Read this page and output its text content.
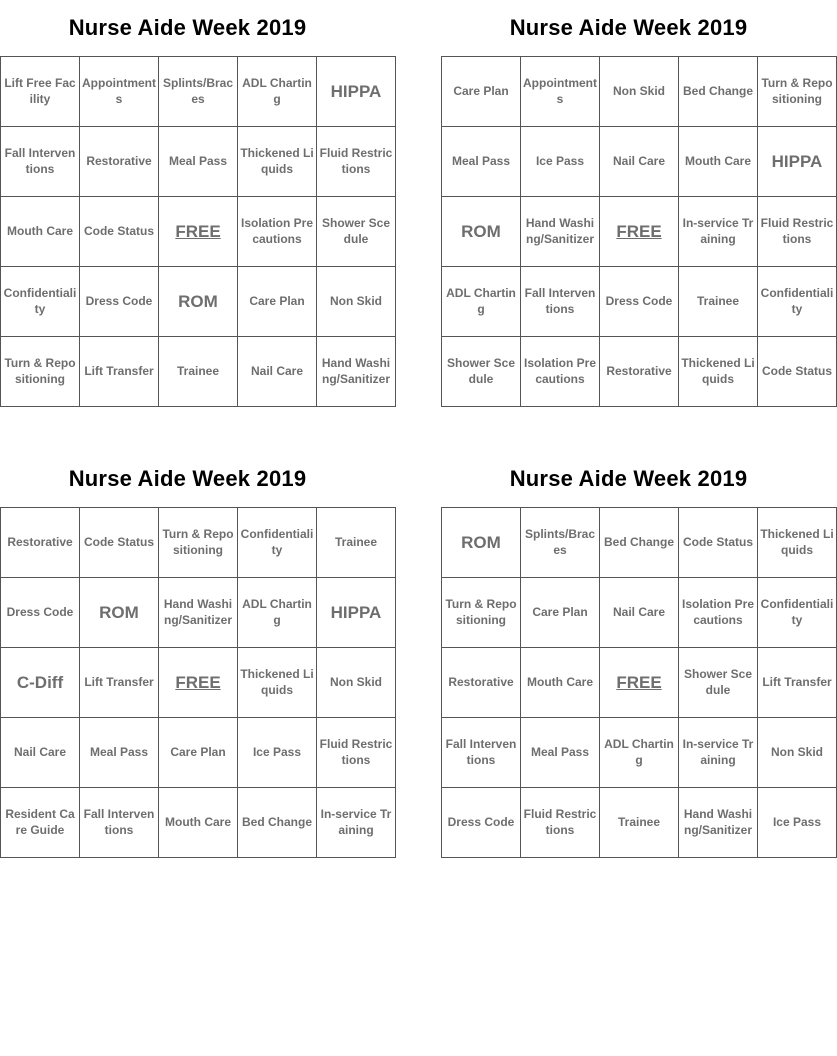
Nurse Aide Week 2019
Lift Free Facility	Appointments	Splints/Braces	ADL Charting	HIPPA
Fall Interventions	Restorative	Meal Pass	Thickened Liquids	Fluid Restrictions
Mouth Care	Code Status	FREE	Isolation Precautions	Shower Scedule
Confidentiality	Dress Code	ROM	Care Plan	Non Skid
Turn & Repositioning	Lift Transfer	Trainee	Nail Care	Hand Washing/Sanitizer
Nurse Aide Week 2019
Care Plan	Appointments	Non Skid	Bed Change	Turn & Repositioning
Meal Pass	Ice Pass	Nail Care	Mouth Care	HIPPA
ROM	Hand Washing/Sanitizer	FREE	In-service Training	Fluid Restrictions
ADL Charting	Fall Interventions	Dress Code	Trainee	Confidentiality
Shower Scedule	Isolation Precautions	Restorative	Thickened Liquids	Code Status
Nurse Aide Week 2019
Restorative	Code Status	Turn & Repositioning	Confidentiality	Trainee
Dress Code	ROM	Hand Washing/Sanitizer	ADL Charting	HIPPA
C-Diff	Lift Transfer	FREE	Thickened Liquids	Non Skid
Nail Care	Meal Pass	Care Plan	Ice Pass	Fluid Restrictions
Resident Care Guide	Fall Interventions	Mouth Care	Bed Change	In-service Training
Nurse Aide Week 2019
ROM	Splints/Braces	Bed Change	Code Status	Thickened Liquids
Turn & Repositioning	Care Plan	Nail Care	Isolation Precautions	Confidentiality
Restorative	Mouth Care	FREE	Shower Scedule	Lift Transfer
Fall Interventions	Meal Pass	ADL Charting	In-service Training	Non Skid
Dress Code	Fluid Restrictions	Trainee	Hand Washing/Sanitizer	Ice Pass
